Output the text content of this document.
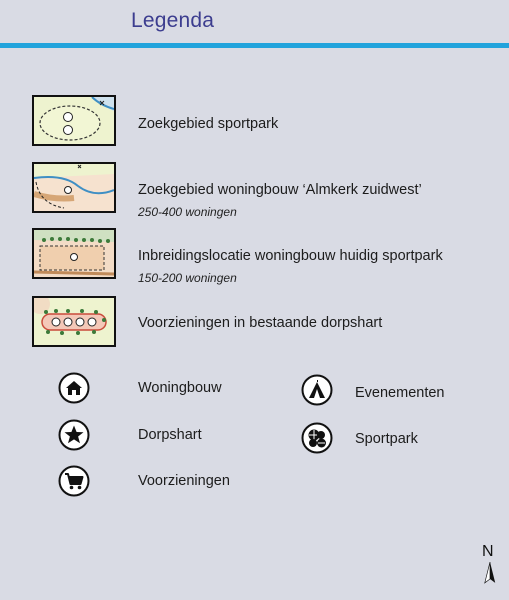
Legenda
Zoekgebied sportpark
Zoekgebied woningbouw ‘Almkerk zuidwest’
250-400 woningen
Inbreidingslocatie woningbouw huidig sportpark
150-200 woningen
Voorzieningen in bestaande dorpshart
Woningbouw
Dorpshart
Voorzieningen
Evenementen
Sportpark
N
